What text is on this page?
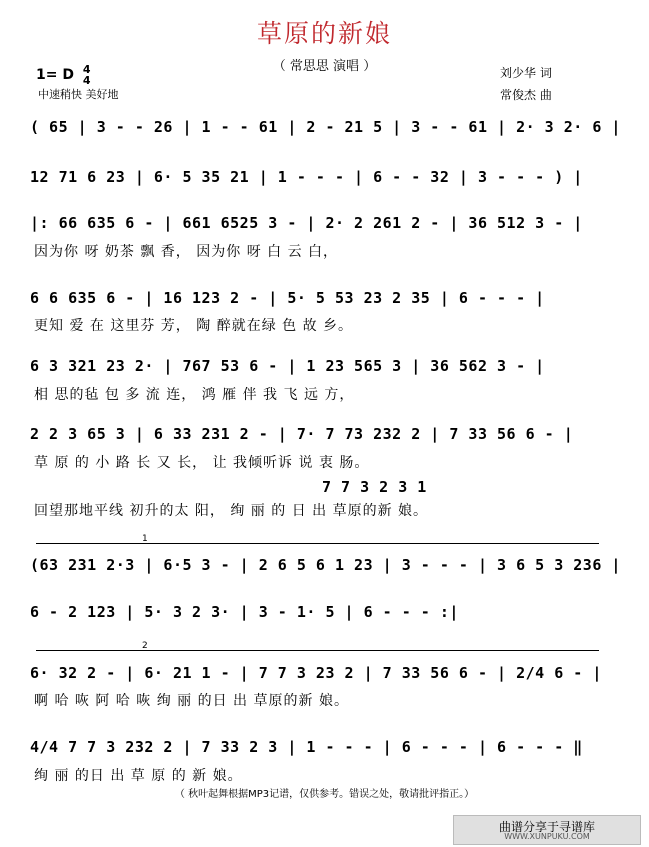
草原的新娘
（ 常思思 演唱 ）
1= D 4
4
中速稍快 美好地
刘少华 词
常俊杰 曲
( 65 | 3 - - 26 | 1 - - 61 | 2 - 21 5 | 3 - - 61 | 2· 3 2· 6 |
12 71 6 23 | 6· 5 35 21 | 1 - - - | 6 - - 32 | 3 - - - ) |
|: 66 635 6 - | 661 6525 3 - | 2· 2 261 2 - | 36 512 3 - |
因为你 呀 奶茶 飘 香， 因为你 呀 白 云 白，
6 6 635 6 - | 16 123 2 - | 5· 5 53 23 2 35 | 6 - - - |
更知 爱 在 这里芬 芳， 陶 醉就在绿 色 故 乡。
6 3 321 23 2· | 767 53 6 - | 1 23 565 3 | 36 562 3 - |
相 思的毡 包 多 流 连， 鸿 雁 伴 我 飞 远 方，
2 2 3 65 3 | 6 33 231 2 - | 7· 7 73 232 2 | 7 33 56 6 - |
草 原 的 小 路 长 又 长， 让 我倾听诉 说 衷 肠。
7 7 3 2 3 1
回望那地平线 初升的太 阳， 绚 丽 的 日 出 草原的新 娘。
1
(63 231 2·3 | 6·5 3 - | 2 6 5 6 1 23 | 3 - - - | 3 6 5 3 236 |
6 - 2 123 | 5· 3 2 3· | 3 - 1· 5 | 6 - - - :|
2
6· 32 2 - | 6· 21 1 - | 7 7 3 23 2 | 7 33 56 6 - | 2/4 6 - |
啊 哈 咴 阿 哈 咴 绚 丽 的日 出 草原的新 娘。
4/4 7 7 3 232 2 | 7 33 2 3 | 1 - - - | 6 - - - | 6 - - - ‖
绚 丽 的日 出 草 原 的 新 娘。
（ 秋叶起舞根据MP3记谱，仅供参考。错误之处，敬请批评指正。）
曲谱分享于寻谱库
WWW.XUNPUKU.COM
